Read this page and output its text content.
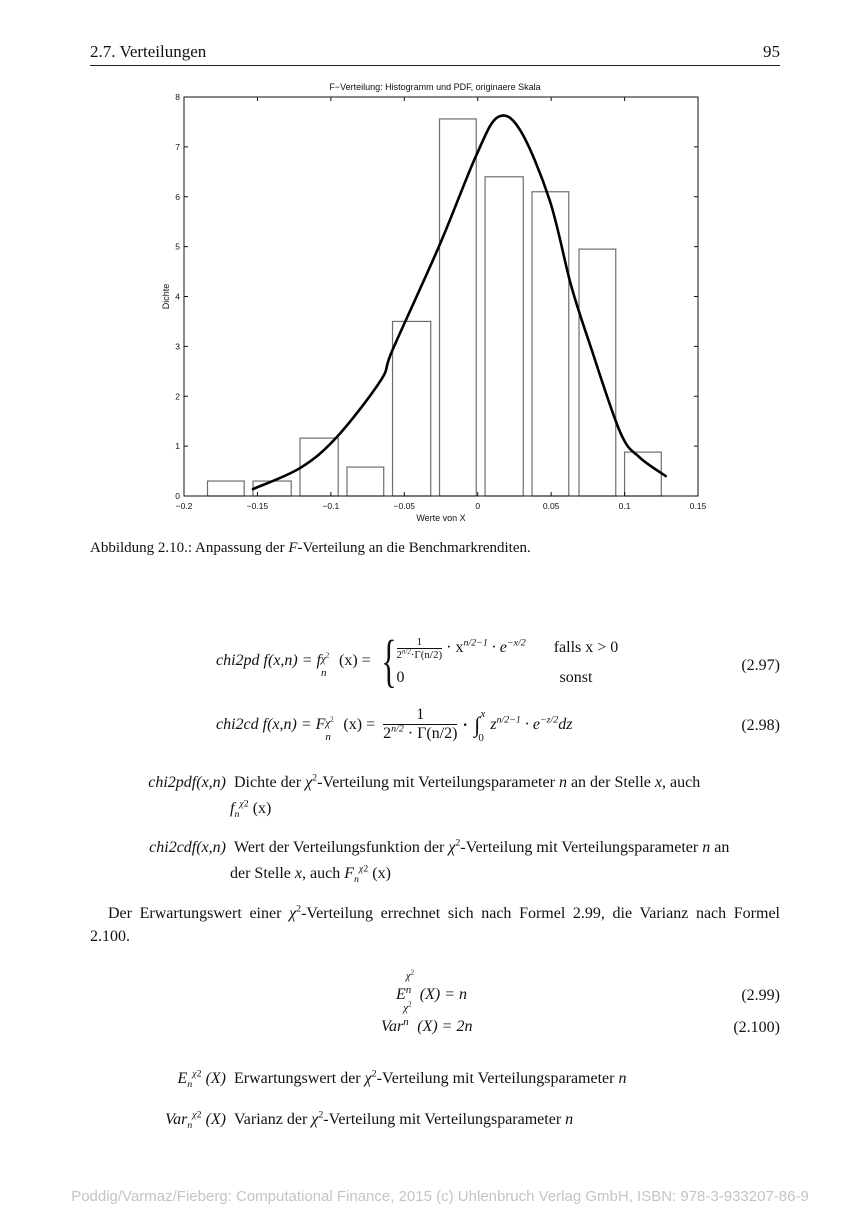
2.7. Verteilungen	95
F−Verteilung: Histogramm und PDF, originaere Skala
−0.2	−0.15	−0.1	−0.05	0	0.05	0.1	0.15
0
1
2
3
4
5
6
7
8
Werte von X
Dichte
Abbildung 2.10.: Anpassung der F-Verteilung an die Benchmarkrenditen.
chi2pd f(x,n) = f $\chi^2$
n
(x) = { $\frac{1}{2^{n/2}\cdot\Gamma(n/2)} \cdot x^{n/2-1} \cdot e^{-x/2}$ falls x > 0
0	sonst
(2.97)
chi2cd f(x,n) = F $\chi^2$
n
$(x) = \frac{1}{2^{n/2} \cdot \Gamma(n/2)}$ · ∫ x
0
$z^{n/2-1} \cdot e^{-z/2}dz$	(2.98)
chi2pdf(x,n) Dichte der $\chi^2$-Verteilung mit Verteilungsparameter n an der Stelle x, auch
$f_n^{\chi 2}$ (x)
chi2cdf(x,n) Wert der Verteilungsfunktion der $\chi^2$-Verteilung mit Verteilungsparameter n an
der Stelle x, auch $F_n^{\chi 2}$ (x)
Der Erwartungswert einer $\chi^2$-Verteilung errechnet sich nach Formel 2.99, die Varianz nach Formel 2.100.
E
$\chi^2$
n (X) = n	(2.99)
Var
$\chi^2$
n (X) = 2n	(2.100)
$E_n^{\chi 2}$ (X) Erwartungswert der $\chi^2$-Verteilung mit Verteilungsparameter n
Var$_n^{\chi 2}$ (X) Varianz der $\chi^2$-Verteilung mit Verteilungsparameter n
Poddig/Varmaz/Fieberg: Computational Finance, 2015 (c) Uhlenbruch Verlag GmbH, ISBN: 978-3-933207-86-9
